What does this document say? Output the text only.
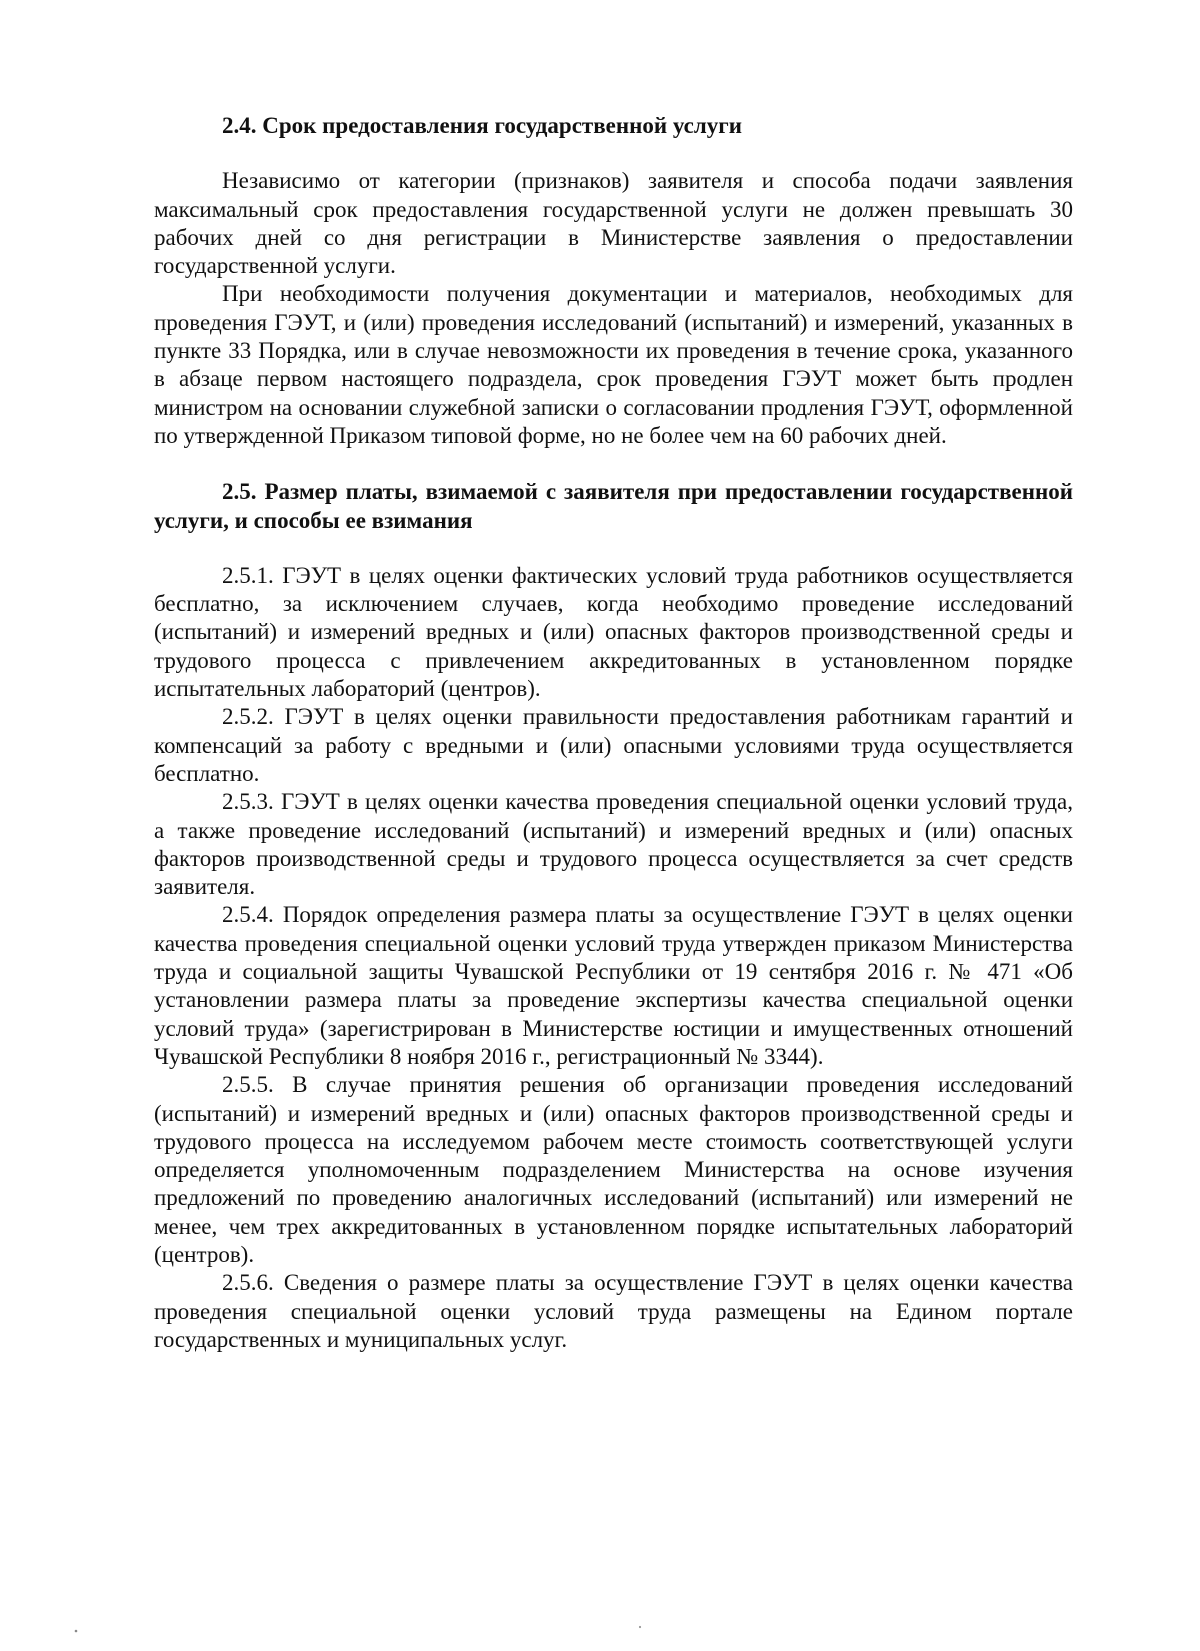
2.4. Срок предоставления государственной услуги

Независимо от категории (признаков) заявителя и способа подачи заявления максимальный срок предоставления государственной услуги не должен превышать 30 рабочих дней со дня регистрации в Министерстве заявления о предоставлении государственной услуги.

При необходимости получения документации и материалов, необходимых для проведения ГЭУТ, и (или) проведения исследований (испытаний) и измерений, указанных в пункте 33 Порядка, или в случае невозможности их проведения в течение срока, указанного в абзаце первом настоящего подраздела, срок проведения ГЭУТ может быть продлен министром на основании служебной записки о согласовании продления ГЭУТ, оформленной по утвержденной Приказом типовой форме, но не более чем на 60 рабочих дней.

2.5. Размер платы, взимаемой с заявителя при предоставлении государственной услуги, и способы ее взимания

2.5.1. ГЭУТ в целях оценки фактических условий труда работников осуществляется бесплатно, за исключением случаев, когда необходимо проведение исследований (испытаний) и измерений вредных и (или) опасных факторов производственной среды и трудового процесса с привлечением аккредитованных в установленном порядке испытательных лабораторий (центров).

2.5.2. ГЭУТ в целях оценки правильности предоставления работникам гарантий и компенсаций за работу с вредными и (или) опасными условиями труда осуществляется бесплатно.

2.5.3. ГЭУТ в целях оценки качества проведения специальной оценки условий труда, а также проведение исследований (испытаний) и измерений вредных и (или) опасных факторов производственной среды и трудового процесса осуществляется за счет средств заявителя.

2.5.4. Порядок определения размера платы за осуществление ГЭУТ в целях оценки качества проведения специальной оценки условий труда утвержден приказом Министерства труда и социальной защиты Чувашской Республики от 19 сентября 2016 г. № 471 «Об установлении размера платы за проведение экспертизы качества специальной оценки условий труда» (зарегистрирован в Министерстве юстиции и имущественных отношений Чувашской Республики 8 ноября 2016 г., регистрационный № 3344).

2.5.5. В случае принятия решения об организации проведения исследований (испытаний) и измерений вредных и (или) опасных факторов производственной среды и трудового процесса на исследуемом рабочем месте стоимость соответствующей услуги определяется уполномоченным подразделением Министерства на основе изучения предложений по проведению аналогичных исследований (испытаний) или измерений не менее, чем трех аккредитованных в установленном порядке испытательных лабораторий (центров).

2.5.6. Сведения о размере платы за осуществление ГЭУТ в целях оценки качества проведения специальной оценки условий труда размещены на Едином портале государственных и муниципальных услуг.
